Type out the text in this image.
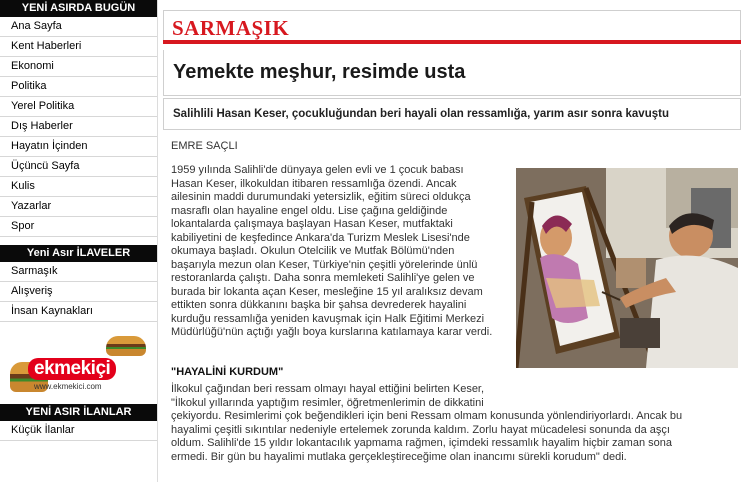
YENİ ASIRDA BUGÜN
Ana Sayfa
Kent Haberleri
Ekonomi
Politika
Yerel Politika
Dış Haberler
Hayatın İçinden
Üçüncü Sayfa
Kulis
Yazarlar
Spor
Yeni Asır İLAVELER
Sarmaşık
Alışveriş
İnsan Kaynakları
ekmekiçi
www.ekmekici.com
YENİ ASIR İLANLAR
Küçük İlanlar
SARMAŞIK
Yemekte meşhur, resimde usta
Salihlili Hasan Keser, çocukluğundan beri hayali olan ressamlığa, yarım asır sonra kavuştu
EMRE SAÇLI
1959 yılında Salihli'de dünyaya gelen evli ve 1 çocuk babası
Hasan Keser, ilkokuldan itibaren ressamlığa özendi. Ancak
ailesinin maddi durumundaki yetersizlik, eğitim süreci oldukça
masraflı olan hayaline engel oldu. Lise çağına geldiğinde
lokantalarda çalışmaya başlayan Hasan Keser, mutfaktaki
kabiliyetini de keşfedince Ankara'da Turizm Meslek Lisesi'nde
okumaya başladı. Okulun Otelcilik ve Mutfak Bölümü'nden
başarıyla mezun olan Keser, Türkiye'nin çeşitli yörelerinde ünlü
restoranlarda çalıştı. Daha sonra memleketi Salihli'ye gelen ve
burada bir lokanta açan Keser, mesleğine 15 yıl aralıksız devam
ettikten sonra dükkanını başka bir şahsa devrederek hayalini
kurduğu ressamlığa yeniden kavuşmak için Halk Eğitimi Merkezi
Müdürlüğü'nün açtığı yağlı boya kurslarına katılamaya karar verdi.
"HAYALİNİ KURDUM"
İlkokul çağından beri ressam olmayı hayal ettiğini belirten Keser,
"İlkokul yıllarında yaptığım resimler, öğretmenlerimin de dikkatini
çekiyordu. Resimlerimi çok beğendikleri için beni Ressam olmam konusunda yönlendiriyorlardı. Ancak bu
hayalimi çeşitli sıkıntılar nedeniyle ertelemek zorunda kaldım. Zorlu hayat mücadelesi sonunda da aşçı
oldum. Salihli'de 15 yıldır lokantacılık yapmama rağmen, içimdeki ressamlık hayalim hiçbir zaman sona
ermedi. Bir gün bu hayalimi mutlaka gerçekleştireceğime olan inancımı sürekli korudum" dedi.
